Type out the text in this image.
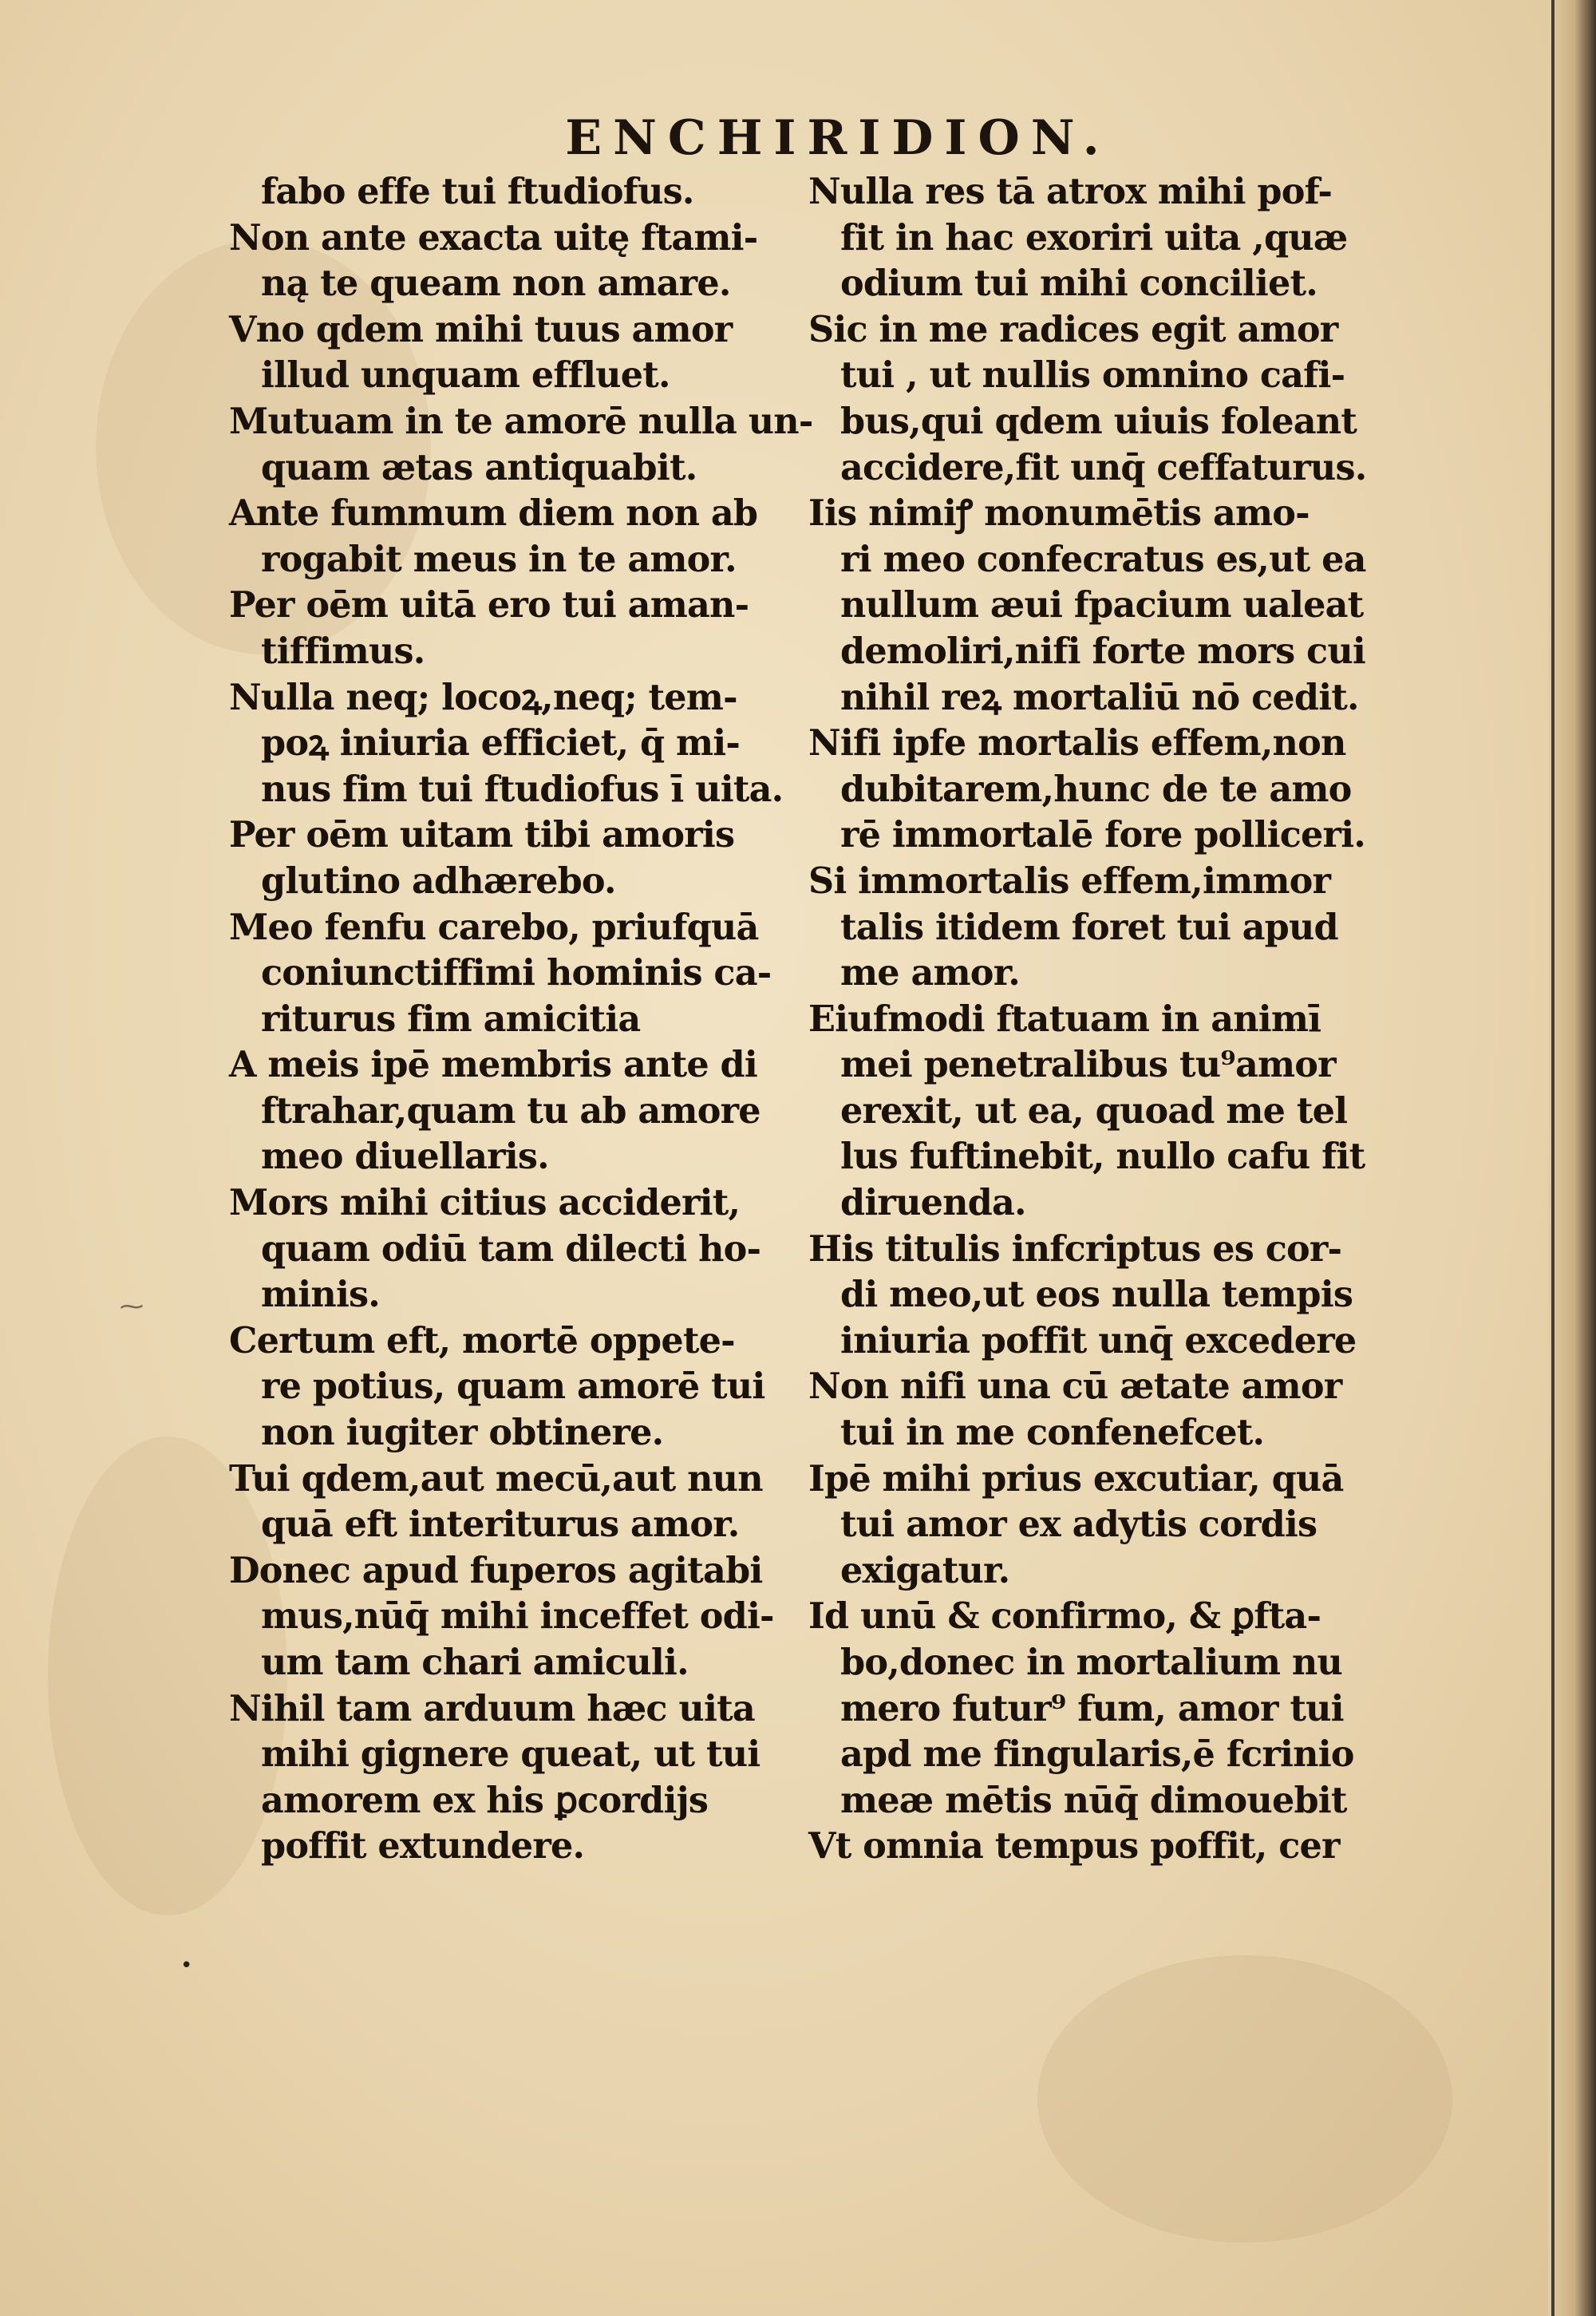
ENCHIRIDION.
fabo effe tui ftudiofus.
Non ante exacta uitę ftami-
ną te queam non amare.
Vno qdem mihi tuus amor
illud unquam effluet.
Mutuam in te amorē nulla un-
quam ætas antiquabit.
Ante fummum diem non ab
rogabit meus in te amor.
Per oēm uitā ero tui aman-
tiffimus.
Nulla neq; locoꝝ,neq; tem-
poꝝ iniuria efficiet, q̄ mi-
nus fim tui ftudiofus ī uita.
Per oēm uitam tibi amoris
glutino adhærebo.
Meo fenfu carebo, priufquā
coniunctiffimi hominis ca-
riturus fim amicitia
A meis ipē membris ante di
ftrahar,quam tu ab amore
meo diuellaris.
Mors mihi citius acciderit,
quam odiū tam dilecti ho-
minis.
Certum eft, mortē oppete-
re potius, quam amorē tui
non iugiter obtinere.
Tui qdem,aut mecū,aut nun
quā eft interiturus amor.
Donec apud fuperos agitabi
mus,nūq̄ mihi inceffet odi-
um tam chari amiculi.
Nihil tam arduum hæc uita
mihi gignere queat, ut tui
amorem ex his ꝑcordijs
poffit extundere.
Nulla res tā atrox mihi pof-
fit in hac exoriri uita ,quæ
odium tui mihi conciliet.
Sic in me radices egit amor
tui , ut nullis omnino cafi-
bus,qui qdem uiuis foleant
accidere,fit unq̄ ceffaturus.
Iis nimiꝭ monumētis amo-
ri meo confecratus es,ut ea
nullum æui fpacium ualeat
demoliri,nifi forte mors cui
nihil reꝝ mortaliū nō cedit.
Nifi ipfe mortalis effem,non
dubitarem,hunc de te amo
rē immortalē fore polliceri.
Si immortalis effem,immor
talis itidem foret tui apud
me amor.
Eiufmodi ftatuam in animī
mei penetralibus tu⁹amor
erexit, ut ea, quoad me tel
lus fuftinebit, nullo cafu fit
diruenda.
His titulis infcriptus es cor-
di meo,ut eos nulla tempis
iniuria poffit unq̄ excedere
Non nifi una cū ætate amor
tui in me confenefcet.
Ipē mihi prius excutiar, quā
tui amor ex adytis cordis
exigatur.
Id unū & confirmo, & ꝑfta-
bo,donec in mortalium nu
mero futur⁹ fum, amor tui
apd me fingularis,ē fcrinio
meæ mētis nūq̄ dimouebit
Vt omnia tempus poffit, cer
•
⁓
